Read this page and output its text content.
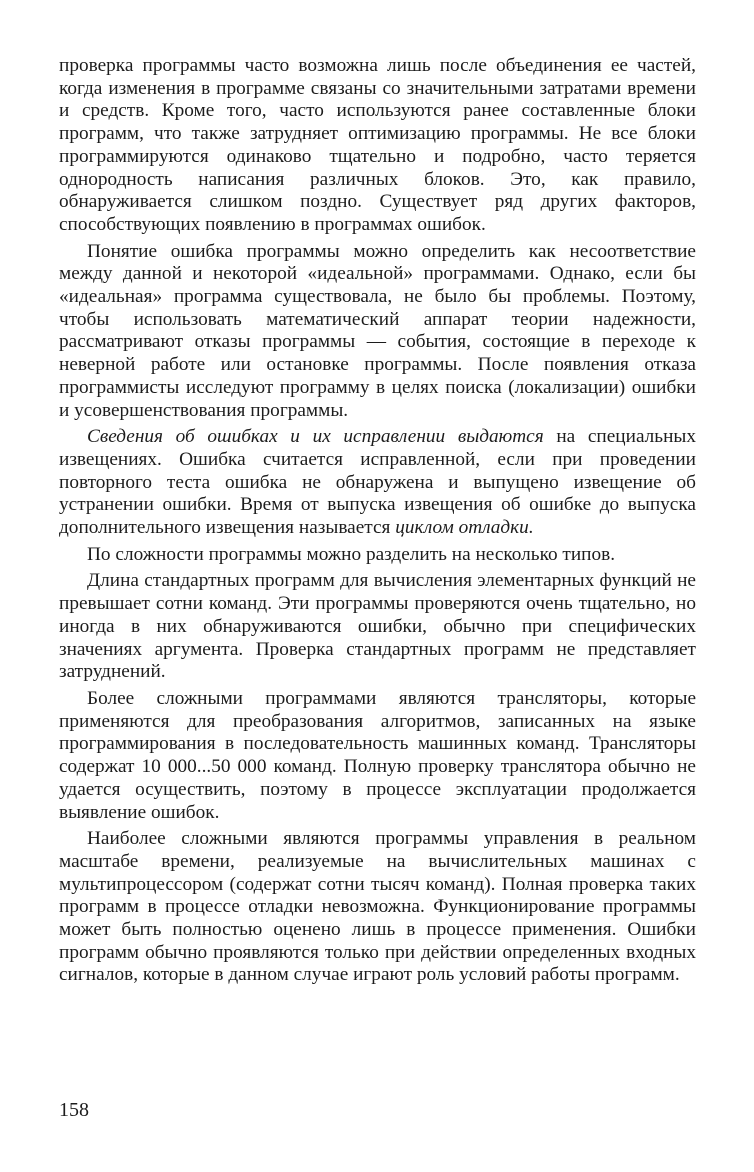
проверка программы часто возможна лишь после объединения ее частей, когда изменения в программе связаны со значительными затратами времени и средств. Кроме того, часто используются ранее составленные блоки программ, что также затрудняет оптимизацию программы. Не все блоки программируются одинаково тщательно и подробно, часто теряется однородность написания различных блоков. Это, как правило, обнаруживается слишком поздно. Существует ряд других факторов, способствующих появлению в программах ошибок.

Понятие ошибка программы можно определить как несоответствие между данной и некоторой «идеальной» программами. Однако, если бы «идеальная» программа существовала, не было бы проблемы. Поэтому, чтобы использовать математический аппарат теории надежности, рассматривают отказы программы — события, состоящие в переходе к неверной работе или остановке программы. После появления отказа программисты исследуют программу в целях поиска (локализации) ошибки и усовершенствования программы.

Сведения об ошибках и их исправлении выдаются на специальных извещениях. Ошибка считается исправленной, если при проведении повторного теста ошибка не обнаружена и выпущено извещение об устранении ошибки. Время от выпуска извещения об ошибке до выпуска дополнительного извещения называется циклом отладки.

По сложности программы можно разделить на несколько типов.

Длина стандартных программ для вычисления элементарных функций не превышает сотни команд. Эти программы проверяются очень тщательно, но иногда в них обнаруживаются ошибки, обычно при специфических значениях аргумента. Проверка стандартных программ не представляет затруднений.

Более сложными программами являются трансляторы, которые применяются для преобразования алгоритмов, записанных на языке программирования в последовательность машинных команд. Трансляторы содержат 10 000...50 000 команд. Полную проверку транслятора обычно не удается осуществить, поэтому в процессе эксплуатации продолжается выявление ошибок.

Наиболее сложными являются программы управления в реальном масштабе времени, реализуемые на вычислительных машинах с мультипроцессором (содержат сотни тысяч команд). Полная проверка таких программ в процессе отладки невозможна. Функционирование программы может быть полностью оценено лишь в процессе применения. Ошибки программ обычно проявляются только при действии определенных входных сигналов, которые в данном случае играют роль условий работы программ.

158
